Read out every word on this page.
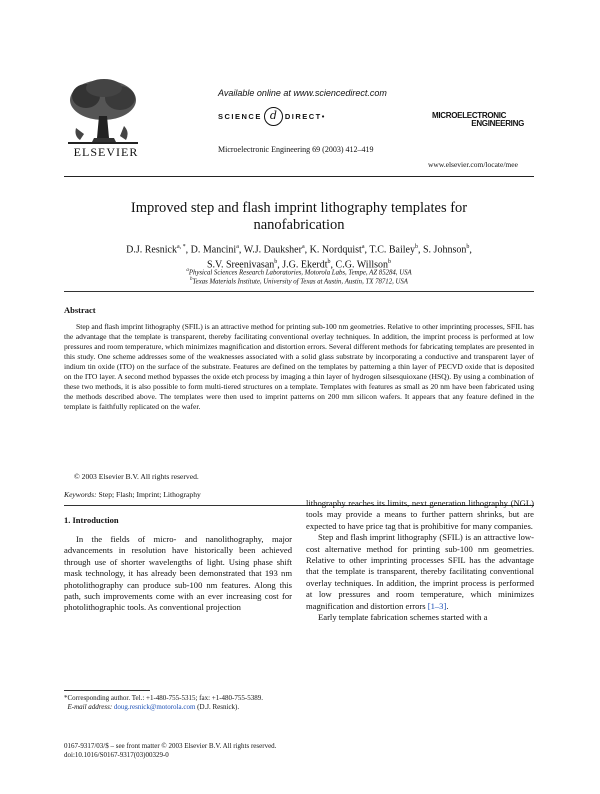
ELSEVIER
Available online at www.sciencedirect.com
SCIENCE d	DIRECT•
Microelectronic Engineering 69 (2003) 412–419
MICROELECTRONIC
ENGINEERING
www.elsevier.com/locate/mee
Improved step and flash imprint lithography templates for
nanofabrication
D.J. Resnick$^{a, *}$, D. Mancini$^a$, W.J. Dauksher$^a$, K. Nordquist$^a$, T.C. Bailey$^b$, S. Johnson$^b$,
S.V. Sreenivasan$^b$, J.G. Ekerdt$^b$, C.G. Willson$^b$
$^a$Physical Sciences Research Laboratories, Motorola Labs, Tempe, AZ 85284, USA
$^b$Texas Materials Institute, University of Texas at Austin, Austin, TX 78712, USA
Abstract
Step and flash imprint lithography (SFIL) is an attractive method for printing sub-100 nm geometries. Relative to other imprinting processes, SFIL has the advantage that the template is transparent, thereby facilitating conventional overlay techniques. In addition, the imprint process is performed at low pressures and room temperature, which minimizes magnification and distortion errors. Several different methods for fabricating templates are presented in this study. One scheme addresses some of the weaknesses associated with a solid glass substrate by incorporating a conductive and transparent layer of indium tin oxide (ITO) on the surface of the substrate. Features are defined on the templates by patterning a thin layer of PECVD oxide that is deposited on the ITO layer. A second method bypasses the oxide etch process by imaging a thin layer of hydrogen silsesquioxane (HSQ). By using a combination of these two methods, it is also possible to form multi-tiered structures on a template. Templates with features as small as 20 nm have been fabricated using the methods described above. The templates were then used to imprint patterns on 200 mm silicon wafers. It appears that any feature defined in the template is faithfully replicated on the wafer.
© 2003 Elsevier B.V. All rights reserved.
Keywords: Step; Flash; Imprint; Lithography
1. Introduction

In the fields of micro- and nanolithography, major advancements in resolution have historically been achieved through use of shorter wavelengths of light. Using phase shift mask technology, it has already been demonstrated that 193 nm photolithography can produce sub-100 nm features. Along this path, such improvements come with an ever increasing cost for photolithographic tools. As conventional projection

lithography reaches its limits, next generation lithography (NGL) tools may provide a means to further pattern shrinks, but are expected to have price tag that is prohibitive for many companies.

Step and flash imprint lithography (SFIL) is an attractive low-cost alternative method for printing sub-100 nm geometries. Relative to other imprinting processes SFIL has the advantage that the template is transparent, thereby facilitating conventional overlay techniques. In addition, the imprint process is performed at low pressures and room temperature, which minimizes magnification and distortion errors [1–3].

Early template fabrication schemes started with a

*Corresponding author. Tel.: +1-480-755-5315; fax: +1-480-755-5389.

E-mail address: doug.resnick@motorola.com (D.J. Resnick).

0167-9317/03/$ – see front matter © 2003 Elsevier B.V. All rights reserved.
doi:10.1016/S0167-9317(03)00329-0
